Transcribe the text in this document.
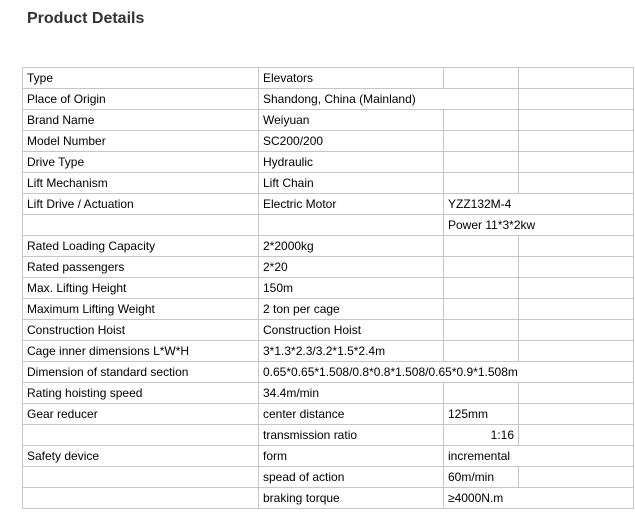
Product Details
Type	Elevators		
Place of Origin	Shandong, China (Mainland)		
Brand Name	Weiyuan		
Model Number	SC200/200		
Drive Type	Hydraulic		
Lift Mechanism	Lift Chain		
Lift Drive / Actuation	Electric Motor	YZZ132M-4	
		Power 11*3*2kw	
Rated Loading Capacity	2*2000kg		
Rated passengers	2*20		
Max. Lifting Height	150m		
Maximum Lifting Weight	2 ton per cage		
Construction Hoist	Construction Hoist		
Cage inner dimensions L*W*H	3*1.3*2.3/3.2*1.5*2.4m		
Dimension of standard section	0.65*0.65*1.508/0.8*0.8*1.508/0.65*0.9*1.508m		
Rating hoisting speed	34.4m/min		
Gear reducer	center distance	125mm	
	transmission ratio	1:16	
Safety device	form	incremental	
	spead of action	60m/min	
	braking torque	≥4000N.m	
